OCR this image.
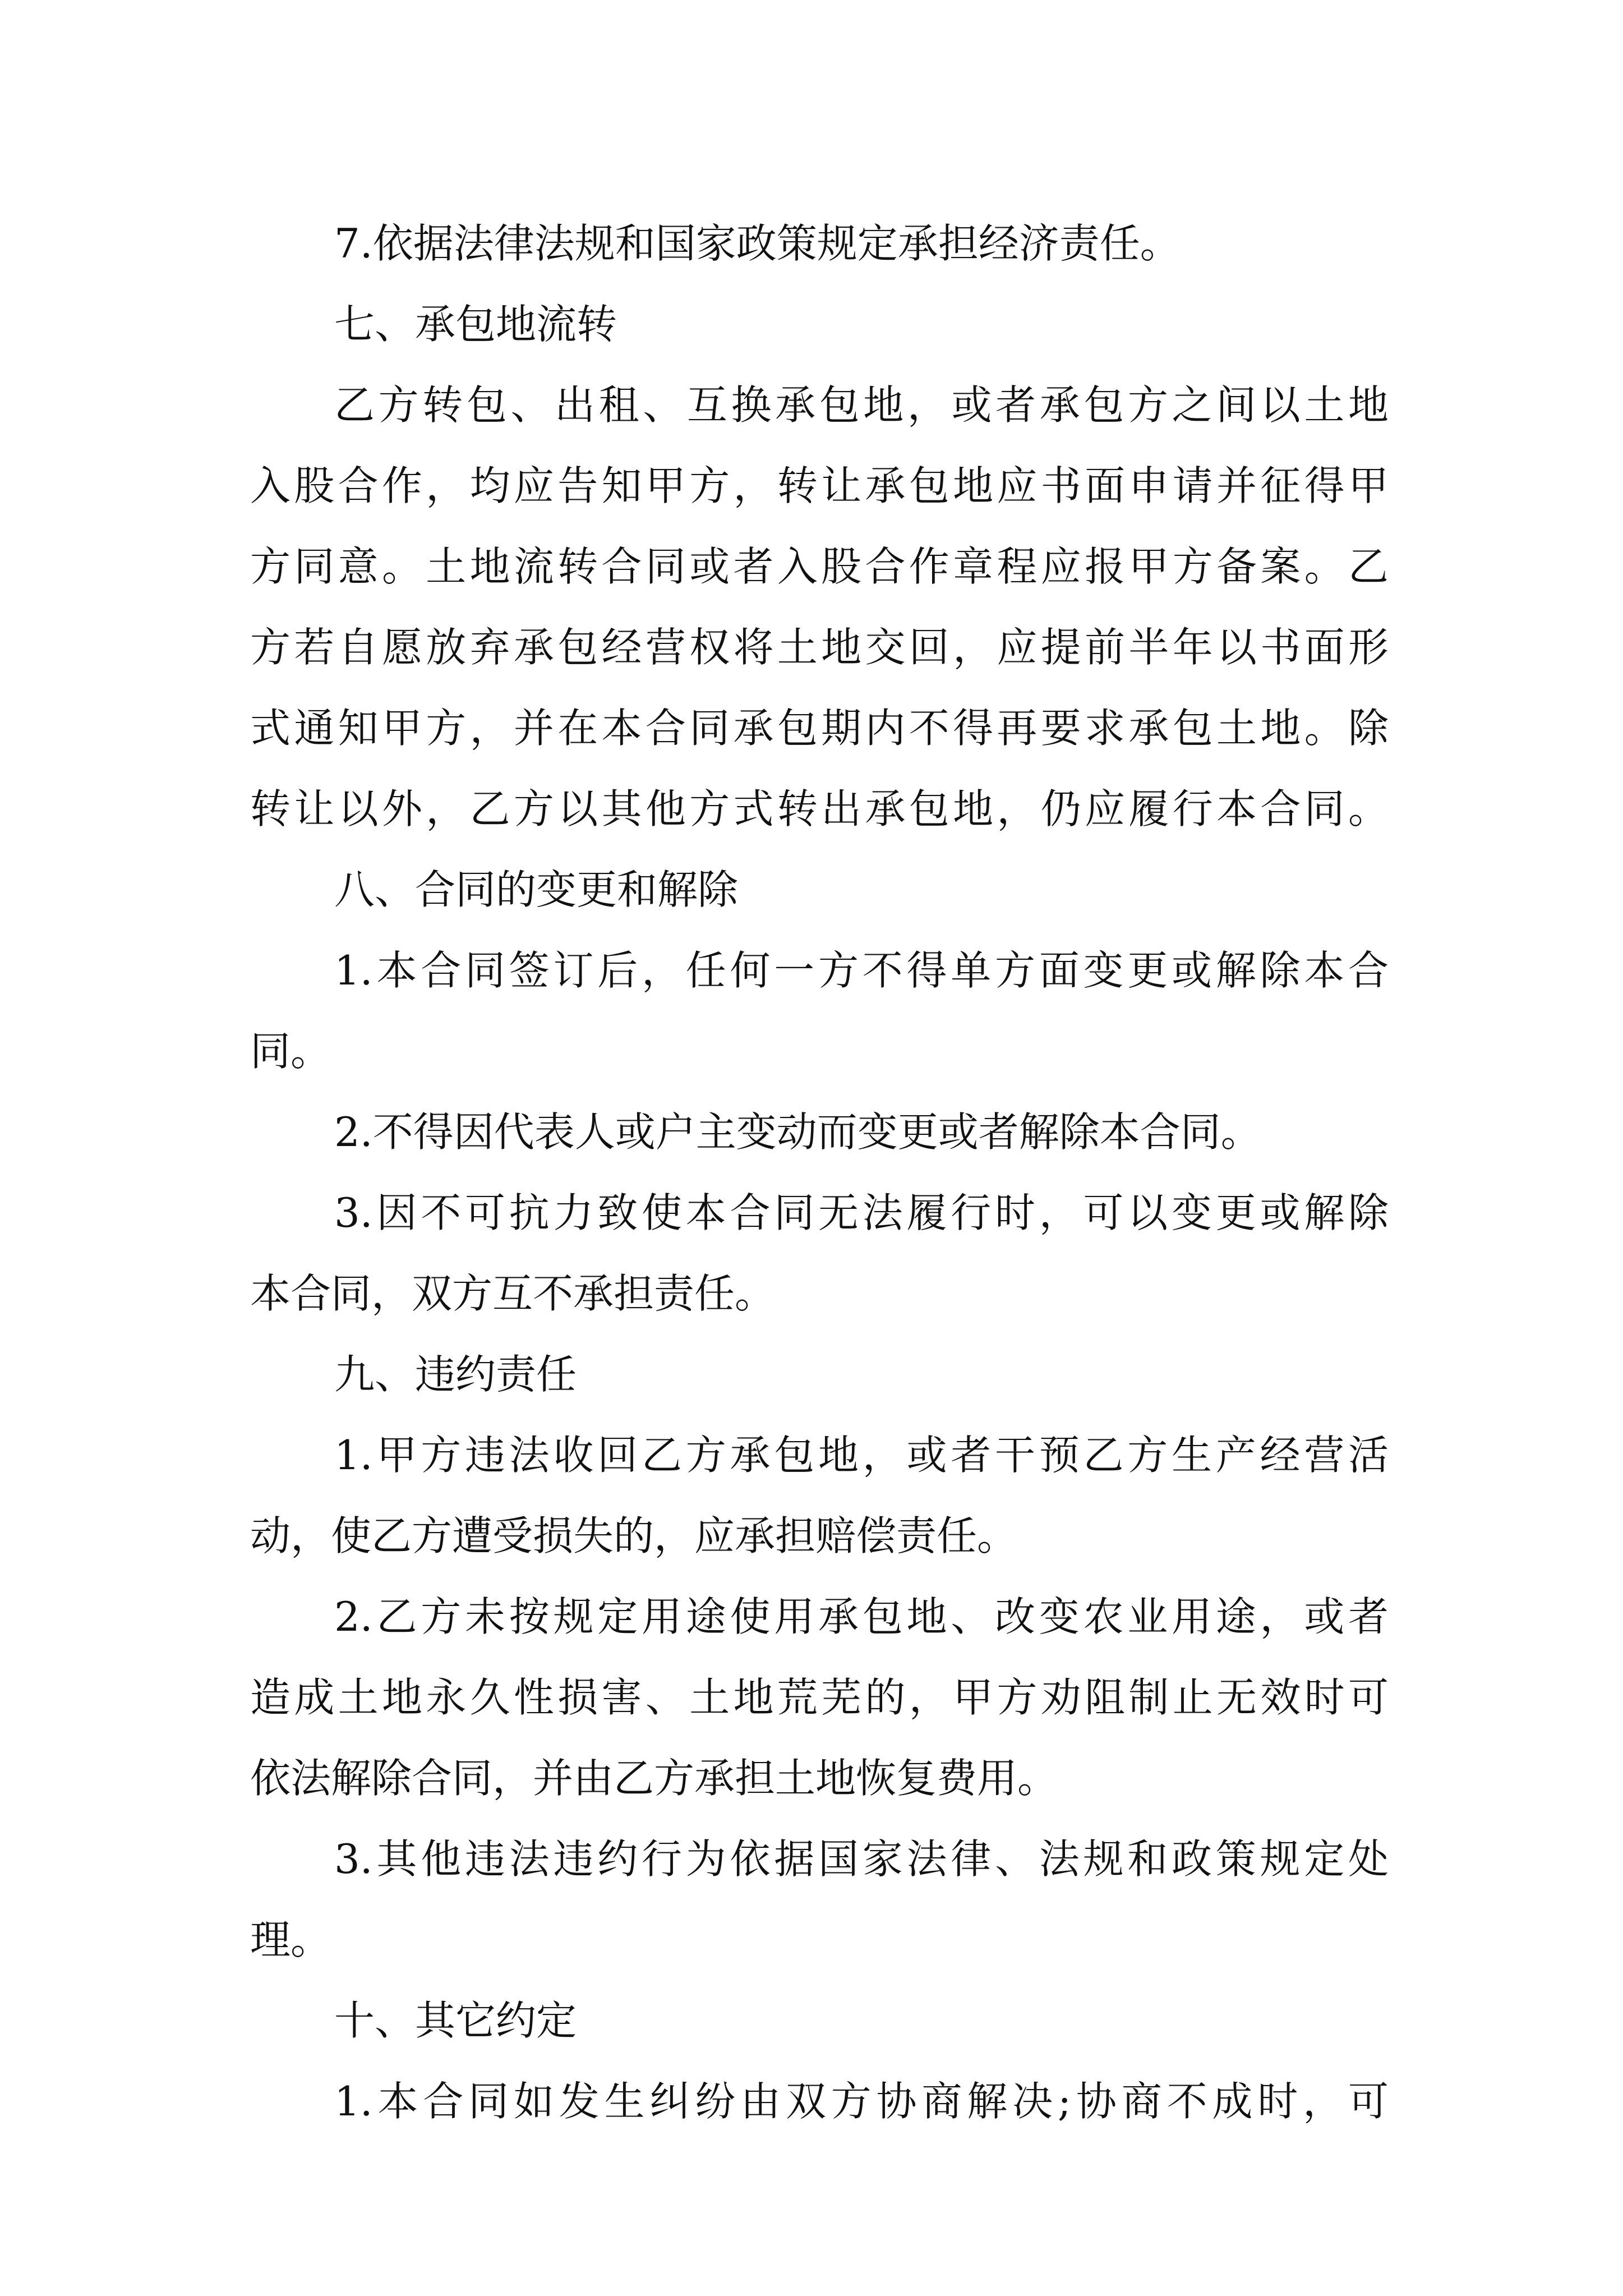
7.依据法律法规和国家政策规定承担经济责任。
七、承包地流转
乙方转包、出租、互换承包地，或者承包方之间以土地
入股合作，均应告知甲方，转让承包地应书面申请并征得甲
方同意。土地流转合同或者入股合作章程应报甲方备案。乙
方若自愿放弃承包经营权将土地交回，应提前半年以书面形
式通知甲方，并在本合同承包期内不得再要求承包土地。除
转让以外，乙方以其他方式转出承包地，仍应履行本合同。
八、合同的变更和解除
1.本合同签订后，任何一方不得单方面变更或解除本合
同。
2.不得因代表人或户主变动而变更或者解除本合同。
3.因不可抗力致使本合同无法履行时，可以变更或解除
本合同，双方互不承担责任。
九、违约责任
1.甲方违法收回乙方承包地，或者干预乙方生产经营活
动，使乙方遭受损失的，应承担赔偿责任。
2.乙方未按规定用途使用承包地、改变农业用途，或者
造成土地永久性损害、土地荒芜的，甲方劝阻制止无效时可
依法解除合同，并由乙方承担土地恢复费用。
3.其他违法违约行为依据国家法律、法规和政策规定处
理。
十、其它约定
1.本合同如发生纠纷由双方协商解决;协商不成时，可
